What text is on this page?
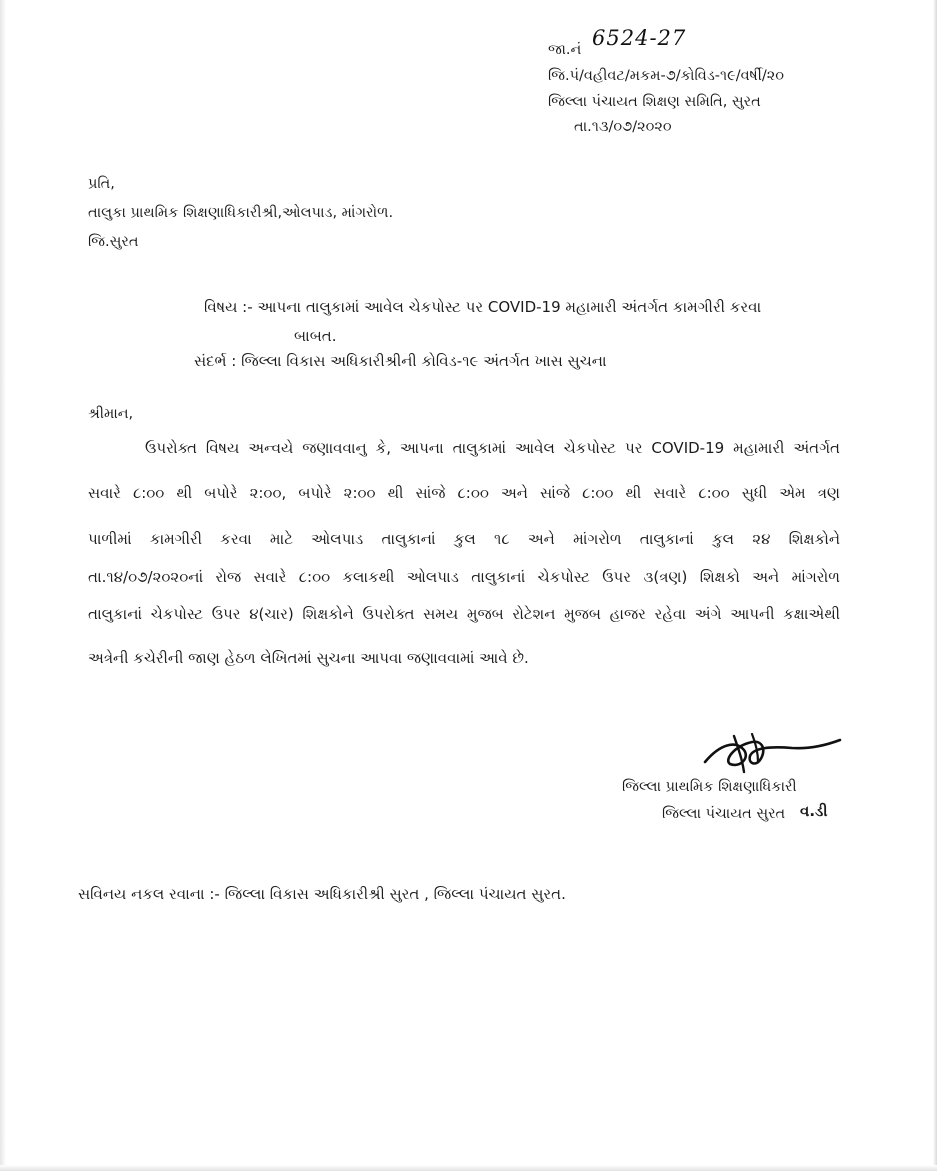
જા.નં 6524-27
જિ.પં/વહીવટ/મકમ-૭/કોવિડ-૧૯/વર્ષી/૨૦
જિલ્લા પંચાયત શિક્ષણ સમિતિ, સુરત
તા.૧૩/૦૭/૨૦૨૦
પ્રતિ,
તાલુકા પ્રાથમિક શિક્ષણાધિકારીશ્રી,ઓલપાડ, માંગરોળ.
જિ.સુરત
વિષય :- આપના તાલુકામાં આવેલ ચેકપોસ્ટ પર COVID-19 મહામારી અંતર્ગત કામગીરી કરવા
બાબત.
સંદર્ભ : જિલ્લા વિકાસ અધિકારીશ્રીની કોવિડ-૧૯ અંતર્ગત ખાસ સુચના
શ્રીમાન,
ઉપરોક્ત વિષય અન્વયે જણાવવાનુ કે, આપના તાલુકામાં આવેલ ચેકપોસ્ટ પર COVID-19 મહામારી અંતર્ગત
સવારે ૮:૦૦ થી બપોરે ૨:૦૦, બપોરે ૨:૦૦ થી સાંજે ૮:૦૦ અને સાંજે ૮:૦૦ થી સવારે ૮:૦૦ સુધી એમ ત્રણ
પાળીમાં કામગીરી કરવા માટે ઓલપાડ તાલુકાનાં કુલ ૧૮ અને માંગરોળ તાલુકાનાં કુલ ૨૪ શિક્ષકોને
તા.૧૪/૦૭/૨૦૨૦નાં રોજ સવારે ૮:૦૦ કલાકથી ઓલપાડ તાલુકાનાં ચેકપોસ્ટ ઉપર ૩(ત્રણ) શિક્ષકો અને માંગરોળ
તાલુકાનાં ચેકપોસ્ટ ઉપર ૪(ચાર) શિક્ષકોને ઉપરોક્ત સમય મુજબ રોટેશન મુજબ હાજર રહેવા અંગે આપની કક્ષાએથી
અત્રેની કચેરીની જાણ હેઠળ લેખિતમાં સુચના આપવા જણાવવામાં આવે છે.
જિલ્લા પ્રાથમિક શિક્ષણાધિકારી
જિલ્લા પંચાયત સુરત વ.ડી
સવિનય નકલ રવાના :- જિલ્લા વિકાસ અધિકારીશ્રી સુરત , જિલ્લા પંચાયત સુરત.
